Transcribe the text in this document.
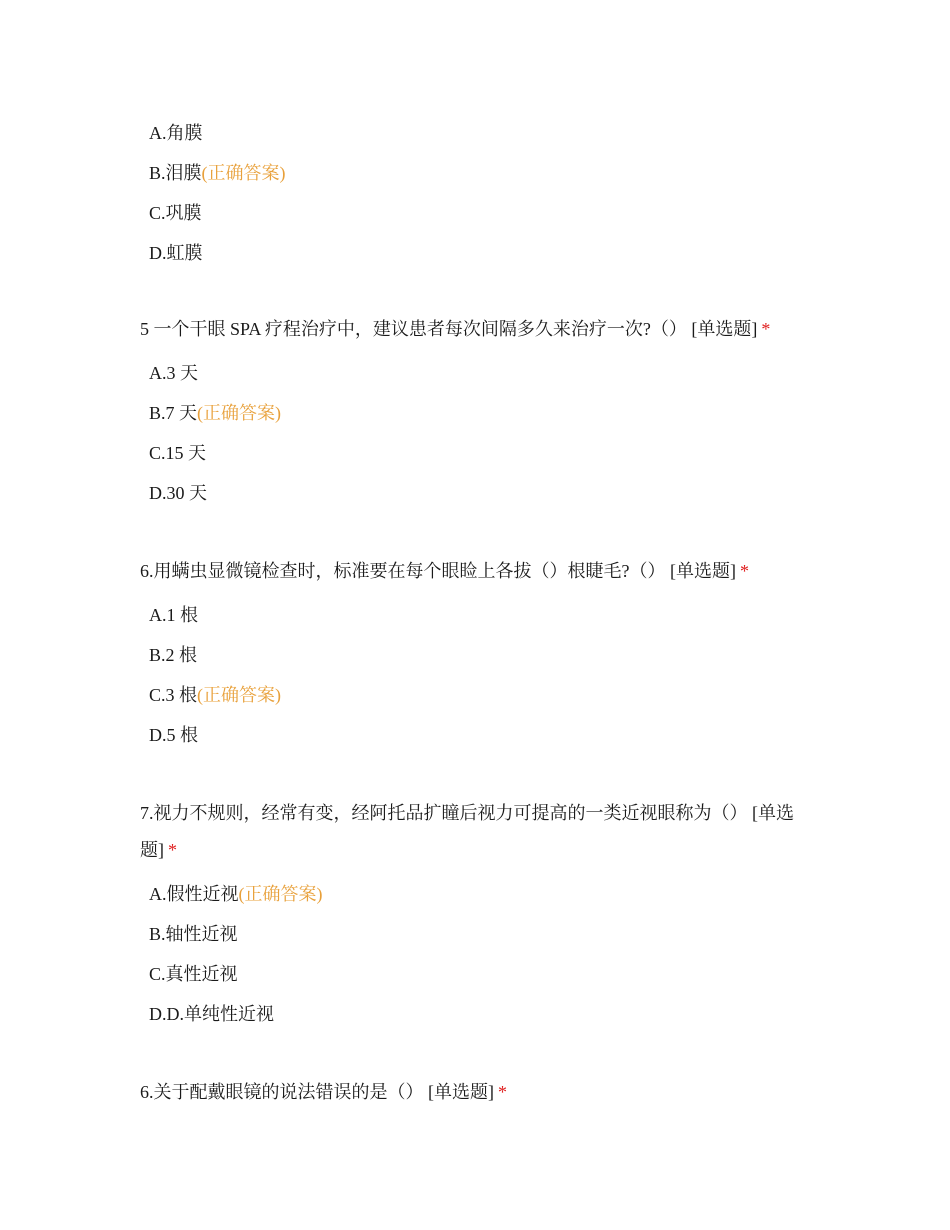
A.角膜
B.泪膜(正确答案)
C.巩膜
D.虹膜

5 一个干眼 SPA 疗程治疗中，建议患者每次间隔多久来治疗一次?（） [单选题] *

A.3 天
B.7 天(正确答案)
C.15 天
D.30 天

6.用螨虫显微镜检查时，标准要在每个眼睑上各拔（）根睫毛?（） [单选题] *

A.1 根
B.2 根
C.3 根(正确答案)
D.5 根

7.视力不规则，经常有变，经阿托品扩瞳后视力可提高的一类近视眼称为（） [单选题] *

A.假性近视(正确答案)
B.轴性近视
C.真性近视
D.D.单纯性近视

6.关于配戴眼镜的说法错误的是（） [单选题] *
